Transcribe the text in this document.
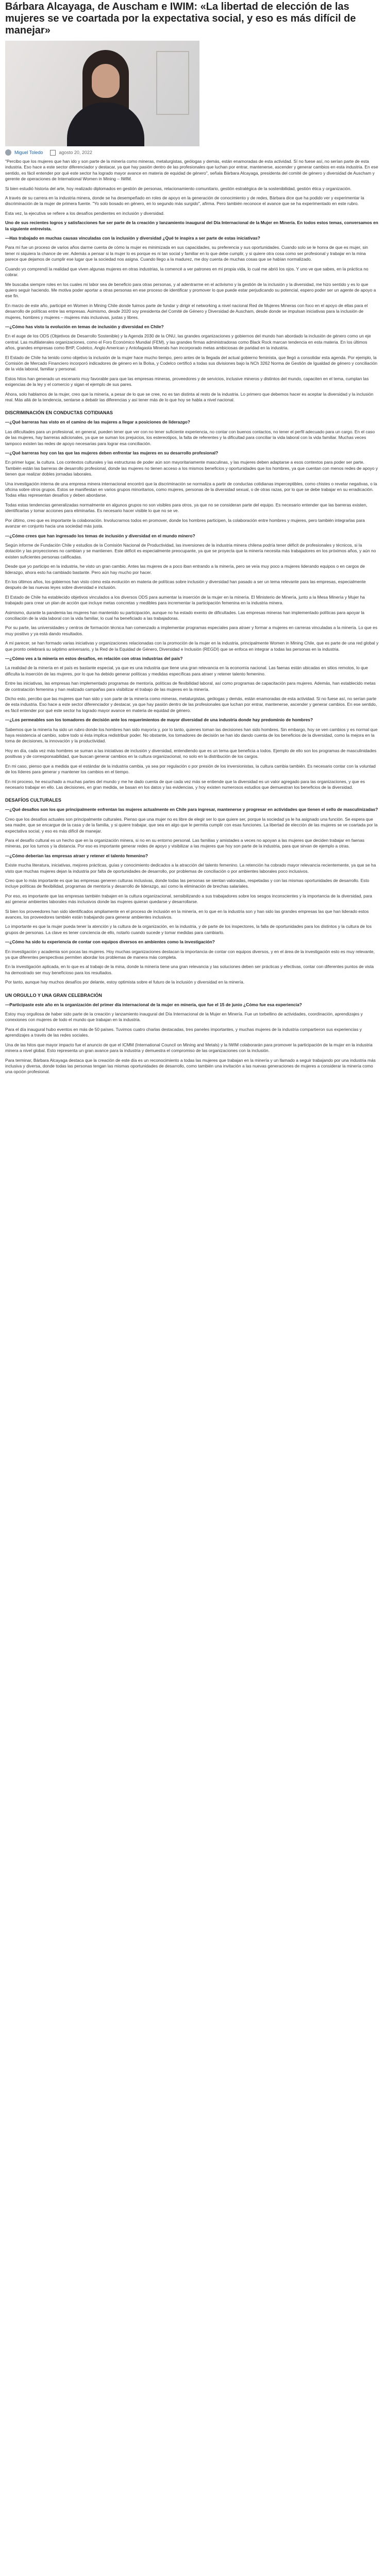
Bárbara Alcayaga, de Auscham e IWIM: «La libertad de elección de las mujeres se ve coartada por la expectativa social, y eso es más difícil de manejar»
Miguel Toledo	agosto 20, 2022

"Percibo que los mujeres que han ido y son parte de la minería como mineras, metalurgistas, geólogas y demás, están enamoradas de esta actividad. Sí no fuese así, no serían parte de esta industria. Eso hace a este sector diferenciador y destacar, ya que hay pasión dentro de las profesionales que luchan por entrar, mantenerse, ascender y generar cambios en esta industria. En ese sentido, es fácil entender por qué este sector ha logrado mayor avance en materia de equidad de género", señala Bárbara Alcayaga, presidenta del comité de género y diversidad de Auscham y gerente de operaciones de International Women in Mining – IWIM.

Si bien estudió historia del arte, hoy realizado diplomados en gestión de personas, relacionamiento comunitario, gestión estratégica de la sostenibilidad, gestión ética y organización.

A través de su carrera en la industria minera, donde se ha desempeñado en roles de apoyo en la generación de conocimiento y de redes, Bárbara dice que ha podido ver y experimentar la discriminación de la mujer de primera fuente. "Yo solo bosado en género, en lo segundo más surgido", afirma. Pero también reconoce el avance que se ha experimentado en este rubro.

Esta vez, la ejecutiva se refiere a los desafíos pendientes en inclusión y diversidad.

Uno de sus recientes logros y satisfacciones fue ser parte de la creación y lanzamiento inaugural del Día Internacional de la Mujer en Minería. En todos estos temas, conversamos en la siguiente entrevista.

—Has trabajado en muchas causas vinculadas con la inclusión y diversidad ¿Qué te inspira a ser parte de estas iniciativas?

Para mí fue un proceso de varios años darme cuenta de cómo la mujer es minimizada en sus capacidades, su preferencia y sus oportunidades. Cuando solo se le honra de que es mujer, sin tener ni siquiera la chance de ver. Además a pensar si la mujer lo es porque es ni tan social y familiar en lo que debe cumplir, y si quiere otra cosa como ser profesional y trabajar en la mina parece que dejamos de cumplir ese lugar que la sociedad nos asigna. Cuando llego a la madurez, me doy cuenta de muchas cosas que se habían normalizado.

Cuando yo comprendí la realidad que viven algunas mujeres en otras industrias, la comencé a ver patrones en mi propia vida, lo cual me abrió los ojos. Y uno ve que sabes, en la práctica no cobrar.

Me buscaba siempre roles en los cuales mi labor sea de beneficio para otras personas, y al adentrarme en el activismo y la gestión de la inclusión y la diversidad, me hizo sentido y es lo que quiero seguir haciendo. Me motiva poder aportar a otras personas en ese proceso de identificar y promover lo que puede estar perjudicando su potencial, espero poder ser un agente de apoyo a ese fin.

En marzo de este año, participé en Women in Mining Chile donde fuimos parte de fundar y dirigir el networking a nivel nacional Red de Mujeres Mineras con foco en el apoyo de ellas para el desarrollo de políticas entre las empresas. Asimismo, desde 2020 soy presidenta del Comité de Género y Diversidad de Auscham, desde donde se impulsan iniciativas para la inclusión de mujeres, hombres y mujeres – mujeres más inclusivas, justas y libres.

—¿Cómo has visto la evolución en temas de inclusión y diversidad en Chile?

En el auge de los ODS (Objetivos de Desarrollo Sostenible) y la Agenda 2030 de la ONU, las grandes organizaciones y gobiernos del mundo han abordado la inclusión de género como un eje central. Las multilaterales organizaciones, como el Foro Económico Mundial (FEM), y las grandes firmas administradoras como Black Rock marcan tendencia en esta materia. En los últimos años, grandes empresas como BHP, Codelco, Anglo American y Antofagasta Minerals han incorporado metas ambiciosas de paridad en la industria.

El Estado de Chile ha tenido como objetivo la inclusión de la mujer hace mucho tiempo, pero antes de la llegada del actual gobierno feminista, que llegó a consolidar esta agenda. Por ejemplo, la Comisión de Mercado Financiero incorporó indicadores de género en la Bolsa, y Codelco certificó a todas sus divisiones bajo la NCh 3262 Norma de Gestión de Igualdad de género y conciliación de la vida laboral, familiar y personal.

Estos hitos han generado un escenario muy favorable para que las empresas mineras, proveedores y de servicios, inclusive mineros y distintos del mundo, capaciten en el tema, cumplan las exigencias de la ley y el comercio y sigan el ejemplo de sus pares.

Ahora, solo hablamos de la mujer, creo que la minería, a pesar de lo que se cree, no es tan distinta al resto de la industria. Lo primero que debemos hacer es aceptar la diversidad y la inclusión real. Más allá de la tendencia, sentarse a debatir las diferencias y así tener más de lo que hoy se habla a nivel nacional.

DISCRIMINACIÓN EN CONDUCTAS COTIDIANAS

—¿Qué barreras has visto en el camino de las mujeres a llegar a posiciones de liderazgo?

Las dificultades para un profesional, en general, pueden tener que ver con no tener suficiente experiencia, no contar con buenos contactos, no tener el perfil adecuado para un cargo. En el caso de las mujeres, hay barreras adicionales, ya que se suman los prejuicios, los estereotipos, la falta de referentes y la dificultad para conciliar la vida laboral con la vida familiar. Muchas veces tampoco existen las redes de apoyo necesarias para lograr esa conciliación.

—¿Qué barreras hoy con las que las mujeres deben enfrentar las mujeres en su desarrollo profesional?

En primer lugar, la cultura. Los contextos culturales y las estructuras de poder aún son mayoritariamente masculinas, y las mujeres deben adaptarse a esos contextos para poder ser parte. También están las barreras de desarrollo profesional, donde las mujeres no tienen acceso a los mismos beneficios y oportunidades que los hombres, ya que cuentan con menos redes de apoyo y tienen que realizar dobles jornadas laborales.

Una investigación interna de una empresa minera internacional encontró que la discriminación se normaliza a partir de conductas cotidianas imperceptibles, como chistes o revelar negativas, o la oficina sobre otros grupos. Estos se manifiestan en varios grupos minoritarios, como mujeres, personas de la diversidad sexual, o de otras razas, por lo que se debe trabajar en su erradicación. Todas ellas representan desafíos y deben abordarse.

Todas estas tendencias generalizadas normalmente en algunos grupos no son visibles para otros, ya que no se consideran parte del equipo. Es necesario entender que las barreras existen, identificarlas y tomar acciones para eliminarlas. Es necesario hacer visible lo que no se ve.

Por último, creo que es importante la colaboración. Involucrarnos todos en promover, donde los hombres participen, la colaboración entre hombres y mujeres, pero también integrarlas para avanzar en conjunto hacia una sociedad más justa.

—¿Cómo crees que han ingresado los temas de inclusión y diversidad en el mundo minero?

Según informe de Fundación Chile y estudios de la Comisión Nacional de Productividad, las inversiones de la industria minera chilena podría tener déficit de profesionales y técnicos, si la dotación y las proyecciones no cambian y se mantienen. Este déficit es especialmente preocupante, ya que se proyecta que la minería necesita más trabajadores en los próximos años, y aún no existen suficientes personas calificadas.

Desde que yo participo en la industria, he visto un gran cambio. Antes las mujeres de a poco iban entrando a la minería, pero se veía muy poco a mujeres liderando equipos o en cargos de liderazgo, ahora esto ha cambiado bastante. Pero aún hay mucho por hacer.

En los últimos años, los gobiernos han visto cómo esta evolución en materia de políticas sobre inclusión y diversidad han pasado a ser un tema relevante para las empresas, especialmente después de las nuevas leyes sobre diversidad e inclusión.

El Estado de Chile ha establecido objetivos vinculados a los diversos ODS para aumentar la inserción de la mujer en la minería. El Ministerio de Minería, junto a la Mesa Minería y Mujer ha trabajado para crear un plan de acción que incluye metas concretas y medibles para incrementar la participación femenina en la industria minera.

Asimismo, durante la pandemia las mujeres han mantenido su participación, aunque no ha estado exento de dificultades. Las empresas mineras han implementado políticas para apoyar la conciliación de la vida laboral con la vida familiar, lo cual ha beneficiado a las trabajadoras.

Por su parte, las universidades y centros de formación técnica han comenzado a implementar programas especiales para atraer y formar a mujeres en carreras vinculadas a la minería. Lo que es muy positivo y ya está dando resultados.

A mi parecer, se han formado varias iniciativas y organizaciones relacionadas con la promoción de la mujer en la industria, principalmente Women in Mining Chile, que es parte de una red global y que pronto celebrará su séptimo aniversario, y la Red de la Equidad de Género, Diversidad e Inclusión (REGDI) que se enfoca en integrar a todas las personas en la industria.

—¿Cómo ves a la minería en estos desafíos, en relación con otras industrias del país?

La realidad de la minería en el país es bastante especial, ya que es una industria que tiene una gran relevancia en la economía nacional. Las faenas están ubicadas en sitios remotos, lo que dificulta la inserción de las mujeres, por lo que ha debido generar políticas y medidas específicas para atraer y retener talento femenino.

Entre las iniciativas, las empresas han implementado programas de mentoría, políticas de flexibilidad laboral, así como programas de capacitación para mujeres. Además, han establecido metas de contratación femenina y han realizado campañas para visibilizar el trabajo de las mujeres en la minería.

Dicho esto, percibo que las mujeres que han sido y son parte de la minería como mineras, metalurgistas, geólogas y demás, están enamoradas de esta actividad. Si no fuese así, no serían parte de esta industria. Eso hace a este sector diferenciador y destacar, ya que hay pasión dentro de las profesionales que luchan por entrar, mantenerse, ascender y generar cambios. En ese sentido, es fácil entender por qué este sector ha logrado mayor avance en materia de equidad de género.

—¿Los permeables son los tomadores de decisión ante los requerimientos de mayor diversidad de una industria donde hay predominio de hombres?

Sabemos que la minería ha sido un rubro donde los hombres han sido mayoría y, por lo tanto, quienes toman las decisiones han sido hombres. Sin embargo, hoy se ven cambios y es normal que haya resistencia al cambio, sobre todo si ésta implica redistribuir poder. No obstante, los tomadores de decisión se han ido dando cuenta de los beneficios de la diversidad, como la mejora en la toma de decisiones, la innovación y la productividad.

Hoy en día, cada vez más hombres se suman a las iniciativas de inclusión y diversidad, entendiendo que es un tema que beneficia a todos. Ejemplo de ello son los programas de masculinidades positivas y de corresponsabilidad, que buscan generar cambios en la cultura organizacional, no solo en la distribución de los cargos.

En mi caso, pienso que a medida que el estándar de la industria cambia, ya sea por regulación o por presión de los inversionistas, la cultura cambia también. Es necesario contar con la voluntad de los líderes para generar y mantener los cambios en el tiempo.

En mi proceso, he escuchado a muchas partes del mundo y me he dado cuenta de que cada vez más se entiende que la diversidad es un valor agregado para las organizaciones, y que es necesario trabajar en ello. Las decisiones, en gran medida, se basan en los datos y las evidencias, y hoy existen numerosos estudios que demuestran los beneficios de la diversidad.

DESAFÍOS CULTURALES

—¿Qué desafíos son los que principalmente enfrentan las mujeres actualmente en Chile para ingresar, mantenerse y progresar en actividades que tienen el sello de masculinizadas?

Creo que los desafíos actuales son principalmente culturales. Pienso que una mujer no es libre de elegir ser lo que quiere ser, porque la sociedad ya le ha asignado una función. Se espera que sea madre, que se encargue de la casa y de la familia, y si quiere trabajar, que sea en algo que le permita cumplir con esas funciones. La libertad de elección de las mujeres se ve coartada por la expectativa social, y eso es más difícil de manejar.

Para el desafío cultural es un hecho que en la organización minera, si no en su entorno personal. Las familias y amistades a veces no apoyan a las mujeres que deciden trabajar en faenas mineras, por los turnos y la distancia. Por eso es importante generar redes de apoyo y visibilizar a las mujeres que hoy son parte de la industria, para que sirvan de ejemplo a otras.

—¿Cómo deberían las empresas atraer y retener el talento femenino?

Existe mucha literatura, iniciativas, mejores prácticas, guías y conocimiento dedicados a la atracción del talento femenino. La retención ha cobrado mayor relevancia recientemente, ya que se ha visto que muchas mujeres dejan la industria por falta de oportunidades de desarrollo, por problemas de conciliación o por ambientes laborales poco inclusivos.

Creo que lo más importante es que las empresas generen culturas inclusivas, donde todas las personas se sientan valoradas, respetadas y con las mismas oportunidades de desarrollo. Esto incluye políticas de flexibilidad, programas de mentoría y desarrollo de liderazgo, así como la eliminación de brechas salariales.

Por eso, es importante que las empresas también trabajen en la cultura organizacional, sensibilizando a sus trabajadores sobre los sesgos inconscientes y la importancia de la diversidad, para así generar ambientes laborales más inclusivos donde las mujeres quieran quedarse y desarrollarse.

Si bien los proveedores han sido identificados ampliamente en el proceso de inclusión en la minería, en lo que en la industria son y han sido las grandes empresas las que han liderado estos avances, los proveedores también están trabajando para generar ambientes inclusivos.

Lo importante es que la mujer pueda tener la atención y la cultura de la organización, en la industria, y de parte de los inspectores, la falla de oportunidades para los distintos y la cultura de los grupos de personas. La clave es tener conciencia de ello, notarlo cuando sucede y tomar medidas para cambiarlo.

—¿Cómo ha sido tu experiencia de contar con equipos diversos en ambientes como la investigación?

En investigación y academia son pocas las mujeres. Hoy muchas organizaciones destacan la importancia de contar con equipos diversos, y en el área de la investigación esto es muy relevante, ya que diferentes perspectivas permiten abordar los problemas de manera más completa.

En la investigación aplicada, en lo que es al trabajo de la mina, donde la minería tiene una gran relevancia y las soluciones deben ser prácticas y efectivas, contar con diferentes puntos de vista ha demostrado ser muy beneficioso para los resultados.

Por tanto, aunque hay muchos desafíos por delante, estoy optimista sobre el futuro de la inclusión y diversidad en la minería.

UN ORGULLO Y UNA GRAN CELEBRACIÓN

—Participaste este año en la organización del primer día internacional de la mujer en minería, que fue el 15 de junio ¿Cómo fue esa experiencia?

Estoy muy orgullosa de haber sido parte de la creación y lanzamiento inaugural del Día Internacional de la Mujer en Minería. Fue un torbellino de actividades, coordinación, aprendizajes y conexiones con mujeres de todo el mundo que trabajan en la industria.

Para el día inaugural hubo eventos en más de 50 países. Tuvimos cuatro charlas destacadas, tres paneles importantes, y muchas mujeres de la industria compartieron sus experiencias y aprendizajes a través de las redes sociales.

Una de las hitos que mayor impacto fue el anuncio de que el ICMM (International Council on Mining and Metals) y la IWIM colaborarán para promover la participación de la mujer en la industria minera a nivel global. Esto representa un gran avance para la industria y demuestra el compromiso de las organizaciones con la inclusión.

Para terminar, Bárbara Alcayaga destaca que la creación de este día es un reconocimiento a todas las mujeres que trabajan en la minería y un llamado a seguir trabajando por una industria más inclusiva y diversa, donde todas las personas tengan las mismas oportunidades de desarrollo, como también una invitación a las nuevas generaciones de mujeres a considerar la minería como una opción profesional.
